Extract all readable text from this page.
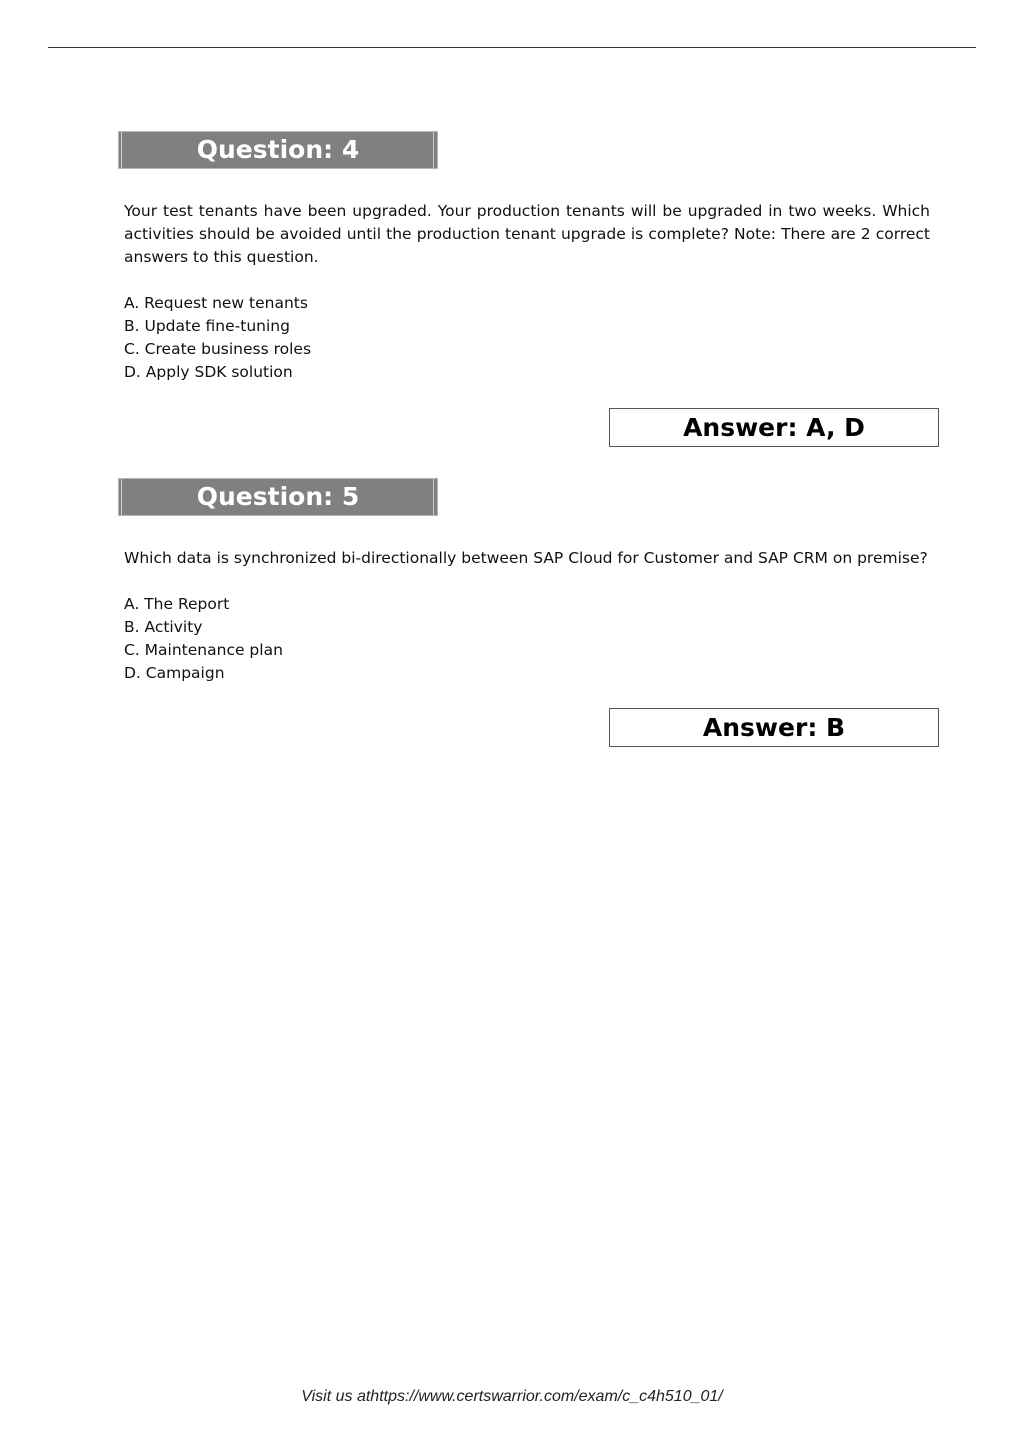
Question: 4

Your test tenants have been upgraded. Your production tenants will be upgraded in two weeks. Which activities should be avoided until the production tenant upgrade is complete? Note: There are 2 correct answers to this question.

A. Request new tenants
B. Update fine-tuning
C. Create business roles
D. Apply SDK solution
Answer: A, D
Question: 5

Which data is synchronized bi-directionally between SAP Cloud for Customer and SAP CRM on premise?

A. The Report
B. Activity
C. Maintenance plan
D. Campaign
Answer: B
Visit us athttps://www.certswarrior.com/exam/c_c4h510_01/
